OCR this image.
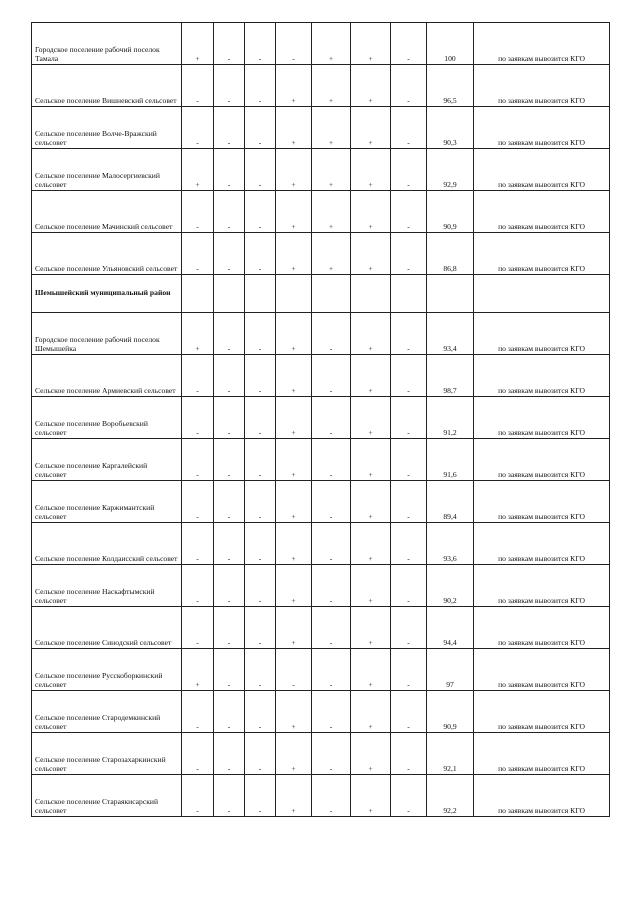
Городское поселение рабочий поселок Тамала	+	-	-	-	+	+	-	100	по заявкам вывозится КГО

Сельское поселение Вишневский сельсовет	-	-	-	+	+	+	-	96,5	по заявкам вывозится КГО

Сельское поселение Волче-Вражский сельсовет	-	-	-	+	+	+	-	90,3	по заявкам вывозится КГО

Сельское поселение Малосергиевский сельсовет	+	-	-	+	+	+	-	92,9	по заявкам вывозится КГО

Сельское поселение Мачинский сельсовет	-	-	-	+	+	+	-	90,9	по заявкам вывозится КГО

Сельское поселение Ульяновский сельсовет	-	-	-	+	+	+	-	86,8	по заявкам вывозится КГО

Шемышейский муниципальный район									
Городское поселение рабочий поселок Шемышейка	+	-	-	+	-	+	-	93,4	по заявкам вывозится КГО

Сельское поселение Армиевский сельсовет	-	-	-	+	-	+	-	98,7	по заявкам вывозится КГО

Сельское поселение Воробьевский сельсовет	-	-	-	+	-	+	-	91,2	по заявкам вывозится КГО

Сельское поселение Каргалейский сельсовет	-	-	-	+	-	+	-	91,6	по заявкам вывозится КГО

Сельское поселение Каржимантский сельсовет	-	-	-	+	-	+	-	89,4	по заявкам вывозится КГО

Сельское поселение Колдаисский сельсовет	-	-	-	+	-	+	-	93,6	по заявкам вывозится КГО

Сельское поселение Наскафтымский сельсовет	-	-	-	+	-	+	-	90,2	по заявкам вывозится КГО

Сельское поселение Синодский сельсовет	-	-	-	+	-	+	-	94,4	по заявкам вывозится КГО

Сельское поселение Русскоборкинский сельсовет	+	-	-	-	-	+	-	97	по заявкам вывозится КГО

Сельское поселение Стародемкинский сельсовет	-	-	-	+	-	+	-	90,9	по заявкам вывозится КГО

Сельское поселение Старозахаркинский сельсовет	-	-	-	+	-	+	-	92,1	по заявкам вывозится КГО

Сельское поселение Стараякисарский сельсовет	-	-	-	+	-	+	-	92,2	по заявкам вывозится КГО
